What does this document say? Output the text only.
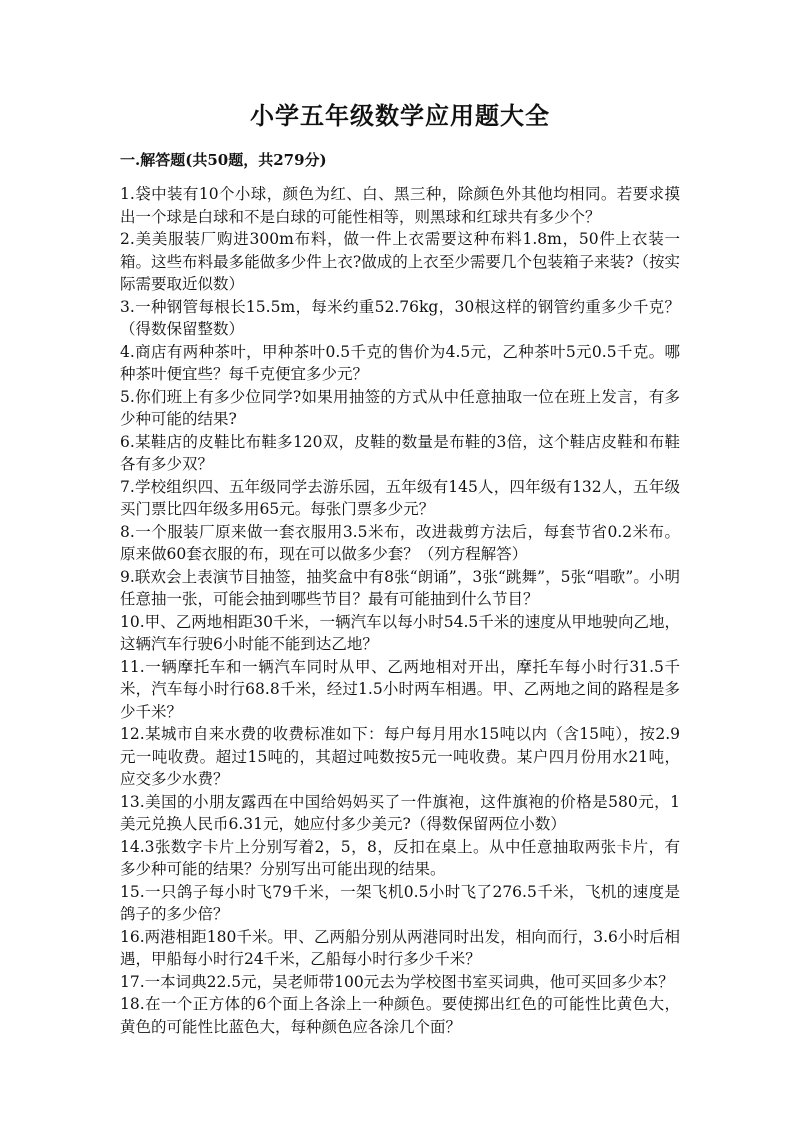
小学五年级数学应用题大全
一.解答题(共50题，共279分)
1.袋中装有10个小球，颜色为红、白、黑三种，除颜色外其他均相同。若要求摸出一个球是白球和不是白球的可能性相等，则黑球和红球共有多少个？
2.美美服装厂购进300m布料，做一件上衣需要这种布料1.8m，50件上衣装一箱。这些布料最多能做多少件上衣?做成的上衣至少需要几个包装箱子来装?（按实际需要取近似数）
3.一种钢管每根长15.5m，每米约重52.76kg，30根这样的钢管约重多少千克？（得数保留整数）
4.商店有两种茶叶，甲种茶叶0.5千克的售价为4.5元，乙种茶叶5元0.5千克。哪种茶叶便宜些？每千克便宜多少元？
5.你们班上有多少位同学?如果用抽签的方式从中任意抽取一位在班上发言，有多少种可能的结果?
6.某鞋店的皮鞋比布鞋多120双，皮鞋的数量是布鞋的3倍，这个鞋店皮鞋和布鞋各有多少双？
7.学校组织四、五年级同学去游乐园，五年级有145人，四年级有132人，五年级买门票比四年级多用65元。每张门票多少元？
8.一个服装厂原来做一套衣服用3.5米布，改进裁剪方法后，每套节省0.2米布。原来做60套衣服的布，现在可以做多少套？（列方程解答）
9.联欢会上表演节目抽签，抽奖盒中有8张“朗诵”，3张“跳舞”，5张“唱歌”。小明任意抽一张，可能会抽到哪些节目？最有可能抽到什么节目？
10.甲、乙两地相距30千米，一辆汽车以每小时54.5千米的速度从甲地驶向乙地，这辆汽车行驶6小时能不能到达乙地？
11.一辆摩托车和一辆汽车同时从甲、乙两地相对开出，摩托车每小时行31.5千米，汽车每小时行68.8千米，经过1.5小时两车相遇。甲、乙两地之间的路程是多少千米？
12.某城市自来水费的收费标准如下：每户每月用水15吨以内（含15吨），按2.9元一吨收费。超过15吨的，其超过吨数按5元一吨收费。某户四月份用水21吨，应交多少水费？
13.美国的小朋友露西在中国给妈妈买了一件旗袍，这件旗袍的价格是580元，1美元兑换人民币6.31元，她应付多少美元?（得数保留两位小数）
14.3张数字卡片上分别写着2，5，8，反扣在桌上。从中任意抽取两张卡片，有多少种可能的结果？分别写出可能出现的结果。
15.一只鸽子每小时飞79千米，一架飞机0.5小时飞了276.5千米，飞机的速度是鸽子的多少倍？
16.两港相距180千米。甲、乙两船分别从两港同时出发，相向而行，3.6小时后相遇，甲船每小时行24千米，乙船每小时行多少千米？
17.一本词典22.5元，吴老师带100元去为学校图书室买词典，他可买回多少本？
18.在一个正方体的6个面上各涂上一种颜色。要使掷出红色的可能性比黄色大，黄色的可能性比蓝色大，每种颜色应各涂几个面？
